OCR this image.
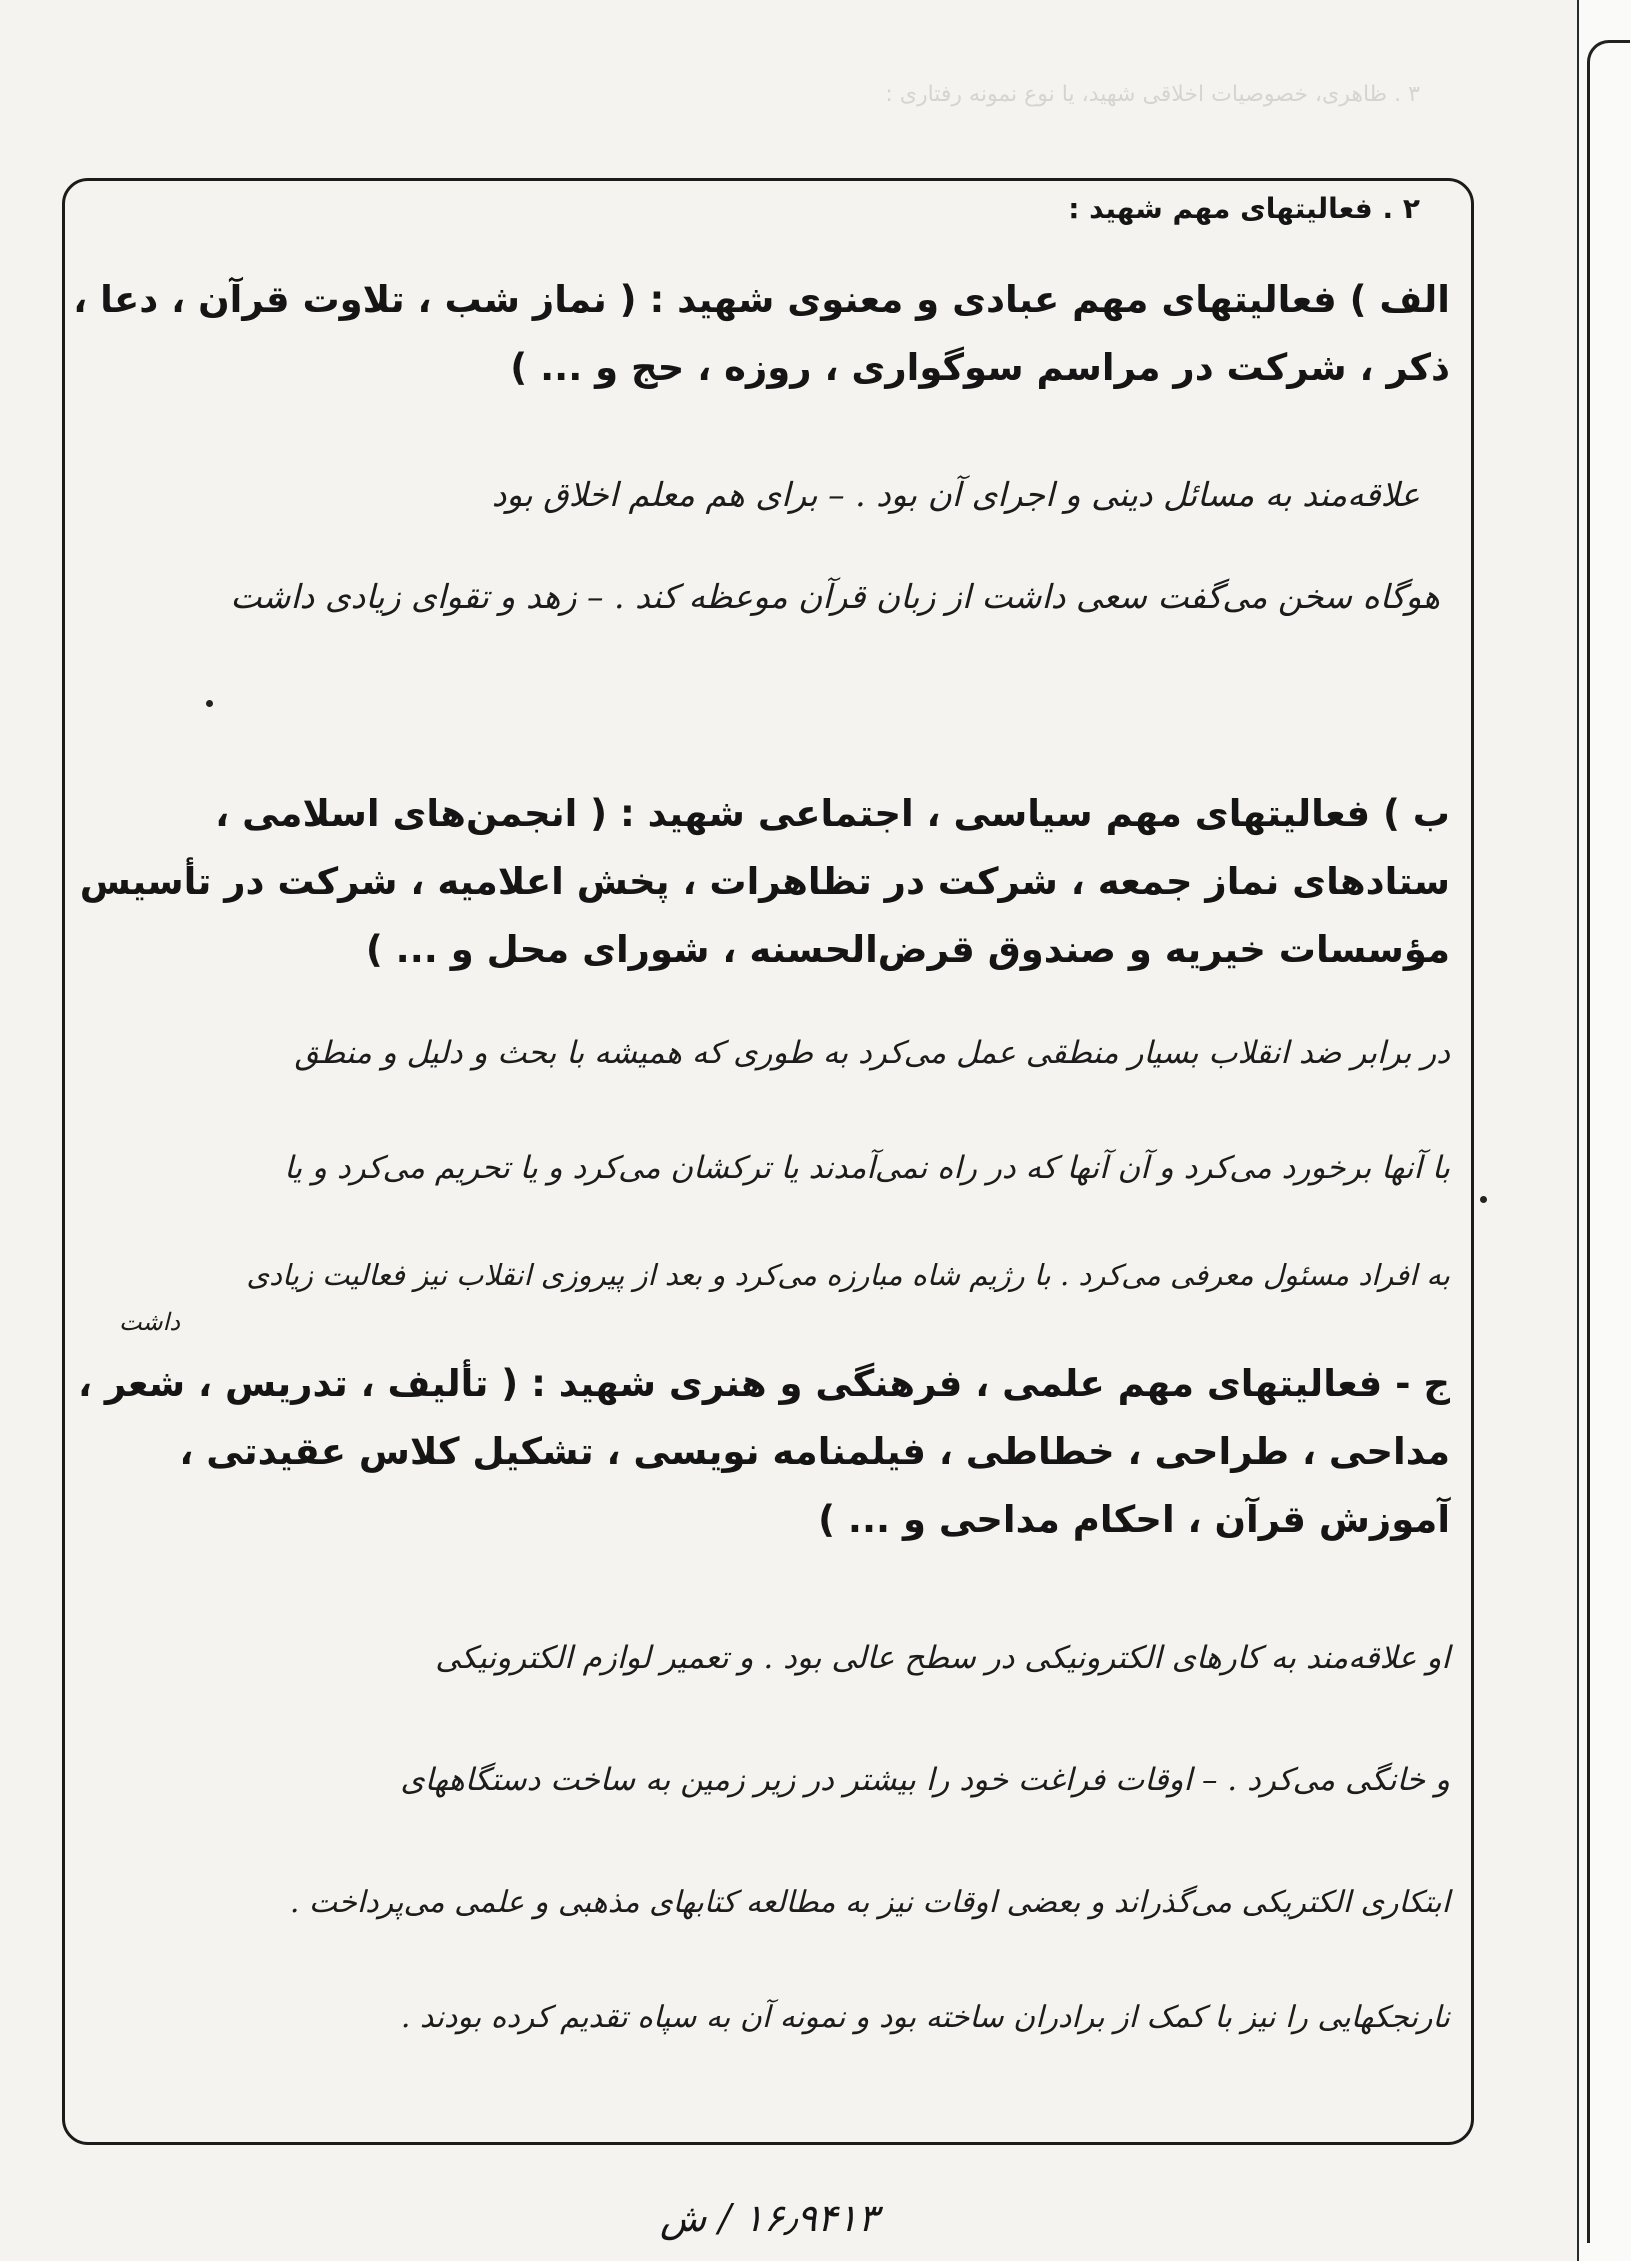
۳ . ظاهری، خصوصیات اخلاقی شهید، یا نوع نمونه رفتاری :
۲ . فعالیتهای مهم شهید :
الف ) فعالیتهای مهم عبادی و معنوی شهید : ( نماز شب ، تلاوت قرآن ، دعا ،
ذکر ، شرکت در مراسم سوگواری ، روزه ، حج و ... )
علاقه‌مند به مسائل دینی و اجرای آن بود . – برای هم معلم اخلاق بود
هوگاه سخن می‌گفت سعی داشت از زبان قرآن موعظه کند . – زهد و تقوای زیادی داشت
ب ) فعالیتهای مهم سیاسی ، اجتماعی شهید : ( انجمن‌های اسلامی ،
ستادهای نماز جمعه ، شرکت در تظاهرات ، پخش اعلامیه ، شرکت در تأسیس
مؤسسات خیریه و صندوق قرض‌الحسنه ، شورای محل و ... )
در برابر ضد انقلاب بسیار منطقی عمل می‌کرد به طوری که همیشه با بحث و دلیل و منطق
با آنها برخورد می‌کرد و آن آنها که در راه نمی‌آمدند یا ترکشان می‌کرد و یا تحریم می‌کرد و یا
به افراد مسئول معرفی می‌کرد . با رژیم شاه مبارزه می‌کرد و بعد از پیروزی انقلاب نیز فعالیت زیادی
داشت
ج - فعالیتهای مهم علمی ، فرهنگی و هنری شهید : ( تألیف ، تدریس ، شعر ،
مداحی ، طراحی ، خطاطی ، فیلمنامه نویسی ، تشکیل کلاس عقیدتی ،
آموزش قرآن ، احکام مداحی و ... )
او علاقه‌مند به کارهای الکترونیکی در سطح عالی بود . و تعمیر لوازم الکترونیکی
و خانگی می‌کرد . – اوقات فراغت خود را بیشتر در زیر زمین به ساخت دستگاههای
ابتکاری الکتریکی می‌گذراند و بعضی اوقات نیز به مطالعه کتابهای مذهبی و علمی می‌پرداخت .
نارنجکهایی را نیز با کمک از برادران ساخته بود و نمونه آن به سپاه تقدیم کرده بودند .
۱۶٫۹۴۱۳ / ش
